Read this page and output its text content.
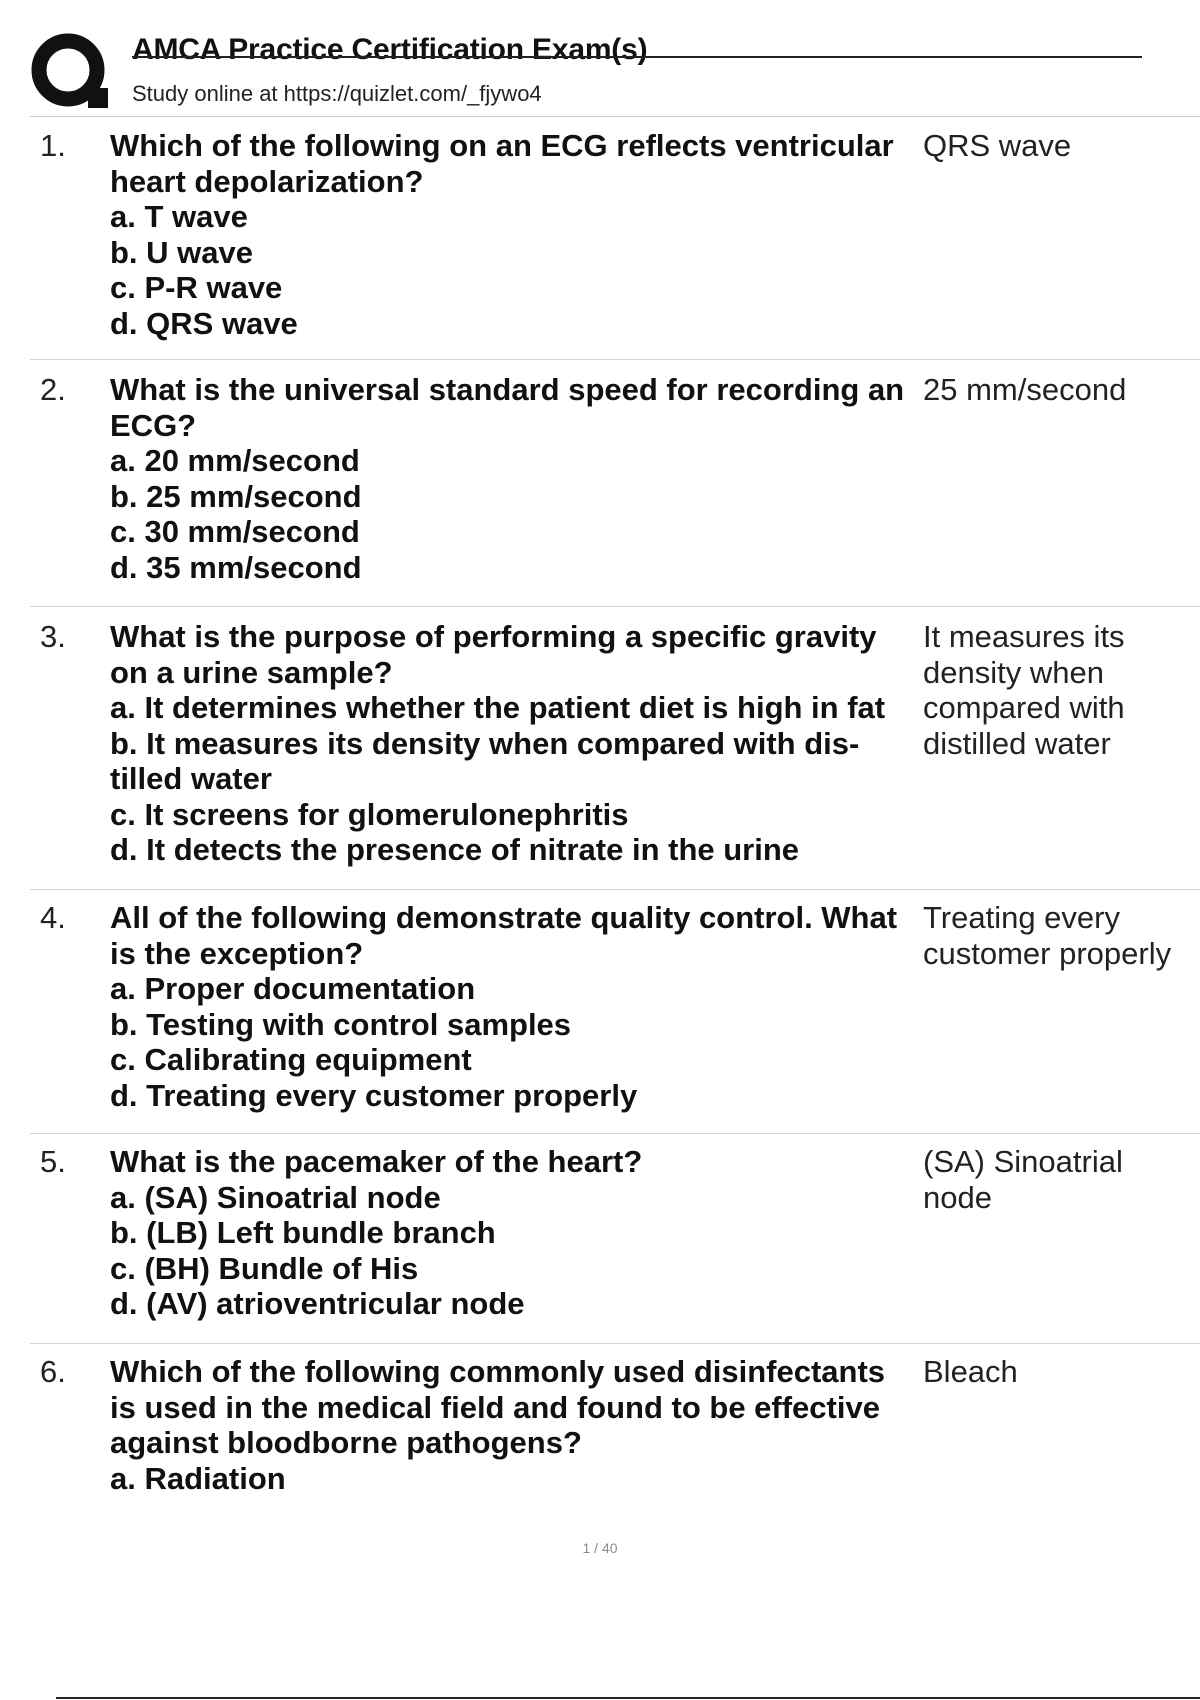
AMCA Practice Certification Exam(s)
Study online at https://quizlet.com/_fjywo4
1. Which of the following on an ECG reflects ventricular
heart depolarization?
a. T wave
b. U wave
c. P-R wave
d. QRS wave
QRS wave
2. What is the universal standard speed for recording an
ECG?
a. 20 mm/second
b. 25 mm/second
c. 30 mm/second
d. 35 mm/second
25 mm/second
3. What is the purpose of performing a specific gravity
on a urine sample?
a. It determines whether the patient diet is high in fat
b. It measures its density when compared with dis-
tilled water
c. It screens for glomerulonephritis
d. It detects the presence of nitrate in the urine
It measures its
density when
compared with
distilled water
4. All of the following demonstrate quality control. What
is the exception?
a. Proper documentation
b. Testing with control samples
c. Calibrating equipment
d. Treating every customer properly
Treating every
customer properly
5. What is the pacemaker of the heart?
a. (SA) Sinoatrial node
b. (LB) Left bundle branch
c. (BH) Bundle of His
d. (AV) atrioventricular node
(SA) Sinoatrial
node
6. Which of the following commonly used disinfectants
is used in the medical field and found to be effective
against bloodborne pathogens?
a. Radiation
Bleach
1 / 40
